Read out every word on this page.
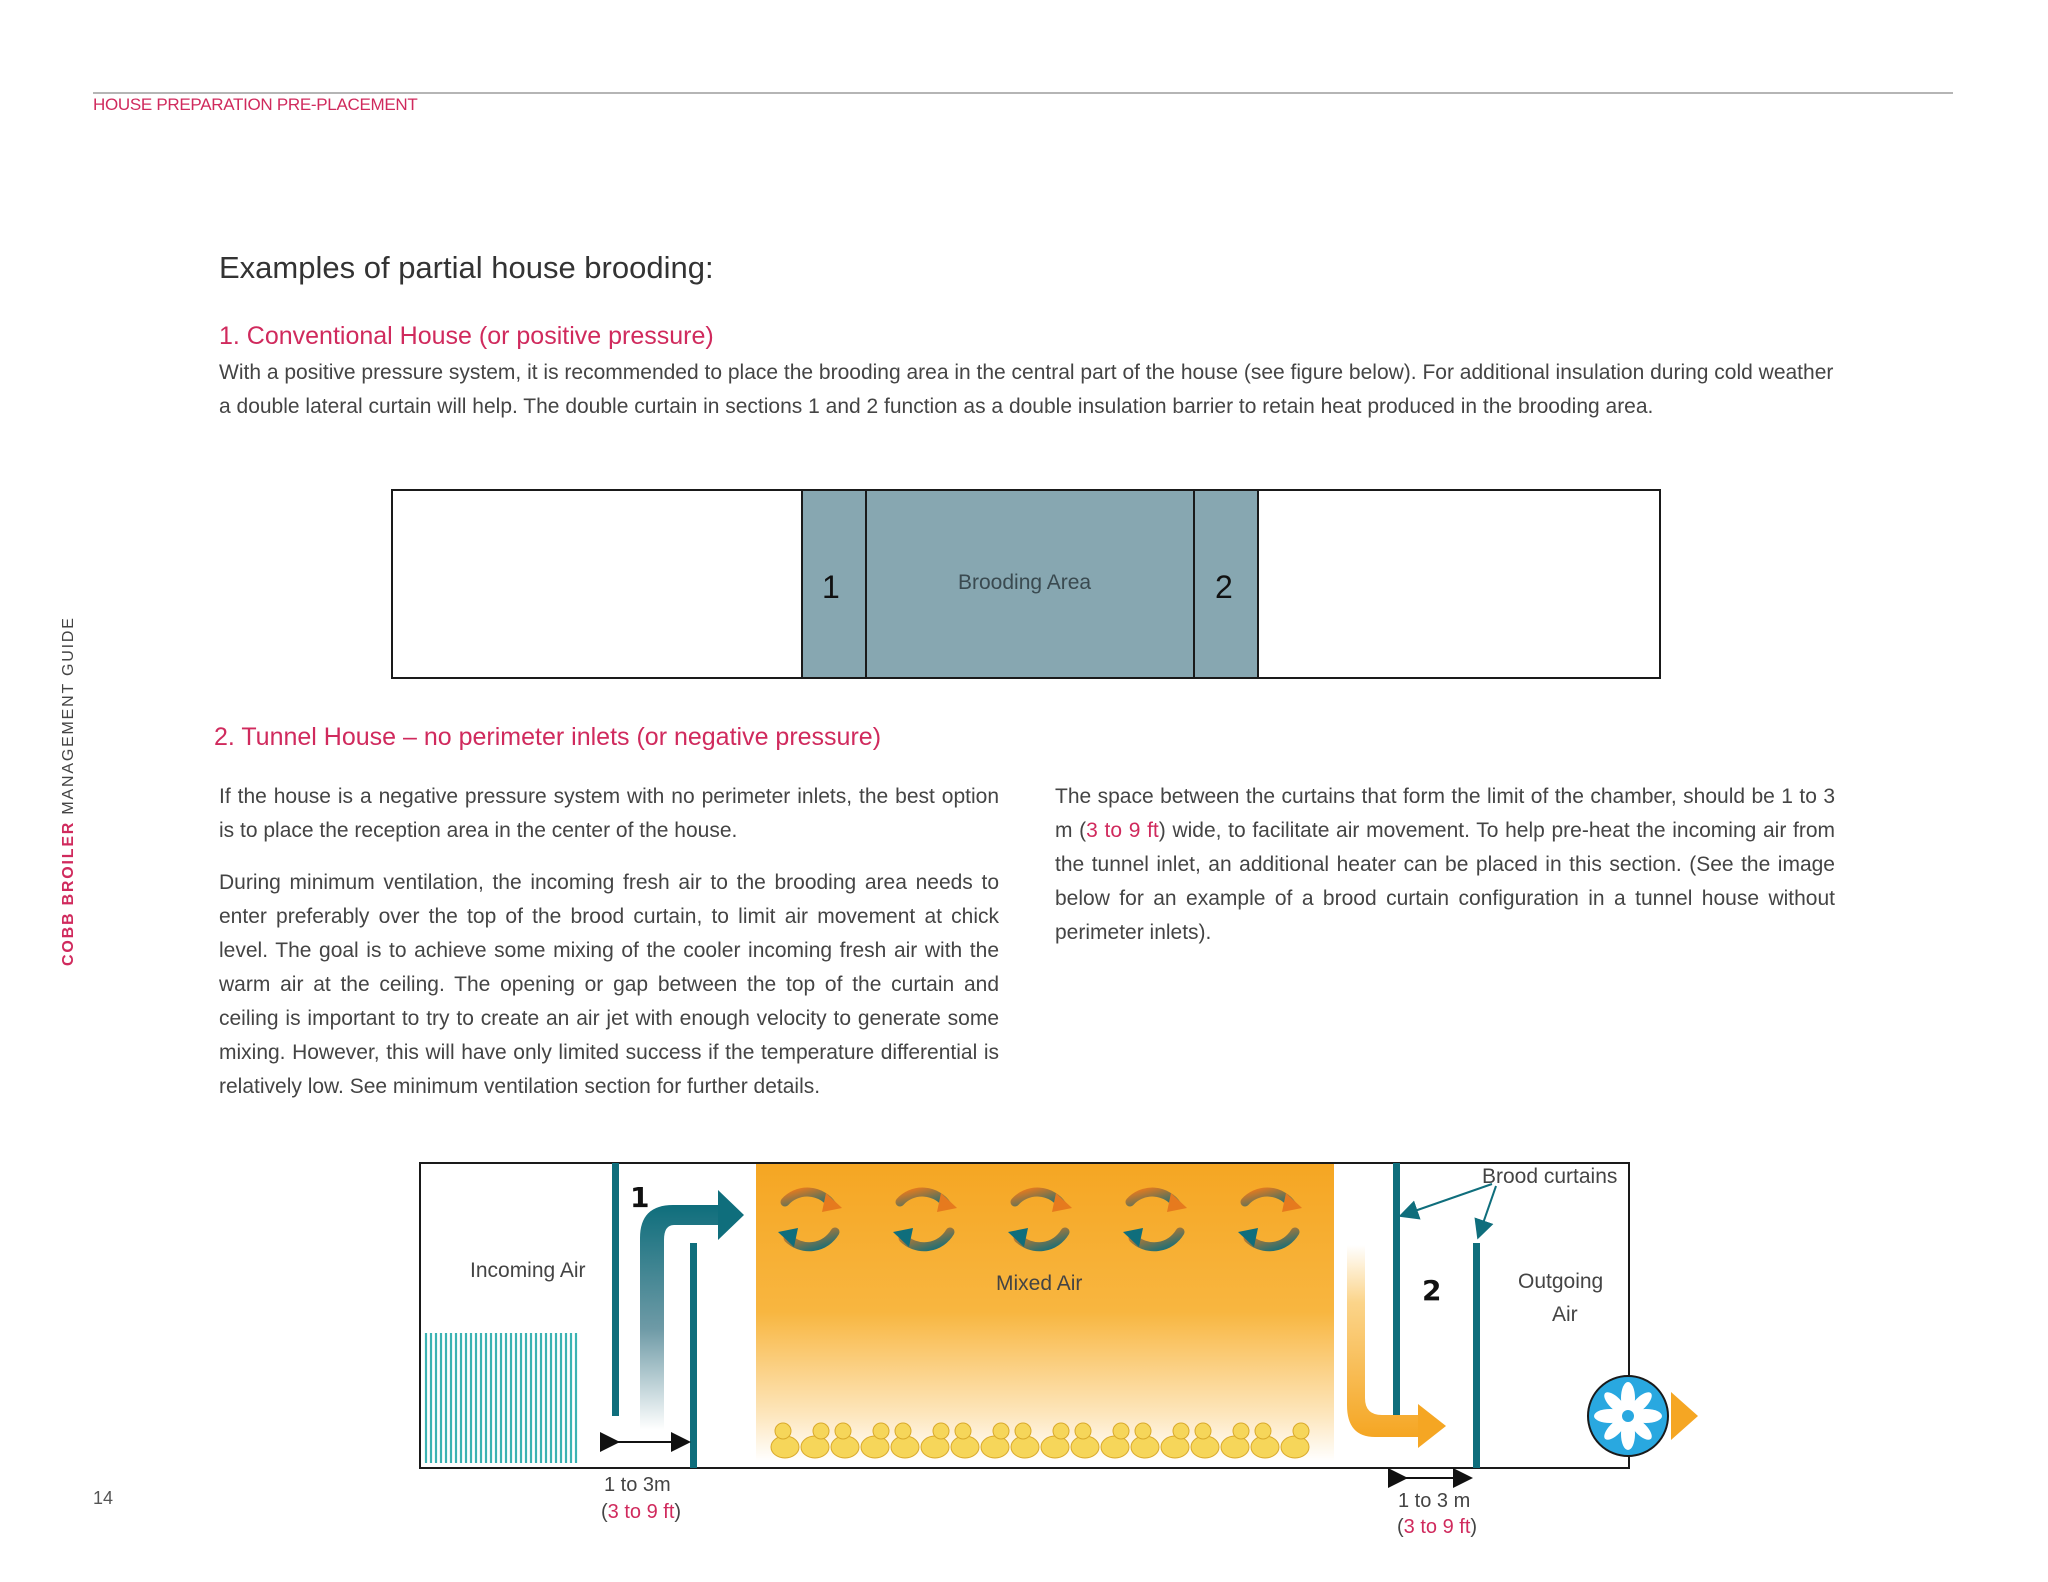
HOUSE PREPARATION PRE-PLACEMENT
COBB BROILER MANAGEMENT GUIDE
14
Examples of partial house brooding:
1. Conventional House (or positive pressure)

With a positive pressure system, it is recommended to place the brooding area in the central part of the house (see figure below). For additional insulation during cold weather a double lateral curtain will help. The double curtain in sections 1 and 2 function as a double insulation barrier to retain heat produced in the brooding area.

1	Brooding Area	2
2. Tunnel House – no perimeter inlets (or negative pressure)

If the house is a negative pressure system with no perimeter inlets, the best option is to place the reception area in the center of the house.

During minimum ventilation, the incoming fresh air to the brooding area needs to enter preferably over the top of the brood curtain, to limit air movement at chick level. The goal is to achieve some mixing of the cooler incoming fresh air with the warm air at the ceiling. The opening or gap between the top of the curtain and ceiling is important to try to create an air jet with enough velocity to generate some mixing. However, this will have only limited success if the temperature differential is relatively low. See minimum ventilation section for further details.

The space between the curtains that form the limit of the chamber, should be 1 to 3 m (3 to 9 ft) wide, to facilitate air movement. To help pre-heat the incoming air from the tunnel inlet, an additional heater can be placed in this section. (See the image below for an example of a brood curtain configuration in a tunnel house without perimeter inlets).

Incoming Air
Mixed Air	Outgoing
Air
Brood curtains
1
2
1 to 3m
(3 to 9 ft)	1 to 3 m
(3 to 9 ft)
